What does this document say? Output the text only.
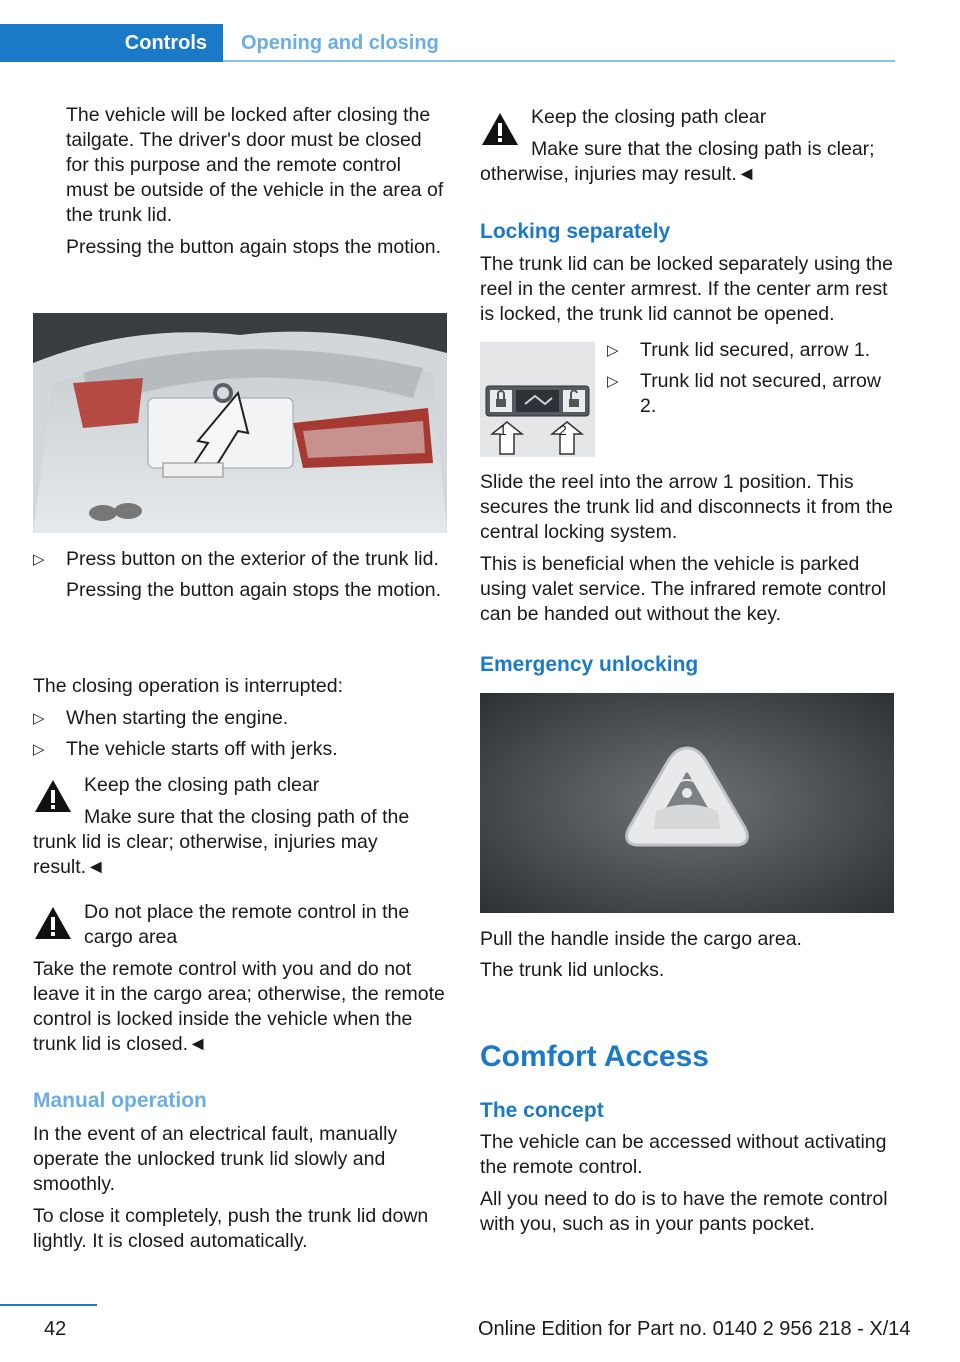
Controls	Opening and closing

The vehicle will be locked after closing the tailgate. The driver's door must be closed for this purpose and the remote control must be outside of the vehicle in the area of the trunk lid.

Pressing the button again stops the motion.

▷	Press button on the exterior of the trunk lid.

Pressing the button again stops the motion.

The closing operation is interrupted:

▷	When starting the engine.

▷	The vehicle starts off with jerks.

Keep the closing path clear

Make sure that the closing path of the trunk lid is clear; otherwise, injuries may result.◄

Do not place the remote control in the cargo area

Take the remote control with you and do not leave it in the cargo area; otherwise, the remote control is locked inside the vehicle when the trunk lid is closed.◄

Manual operation

In the event of an electrical fault, manually operate the unlocked trunk lid slowly and smoothly.

To close it completely, push the trunk lid down lightly. It is closed automatically.

Keep the closing path clear

Make sure that the closing path is clear; otherwise, injuries may result.◄

Locking separately

The trunk lid can be locked separately using the reel in the center armrest. If the center arm rest is locked, the trunk lid cannot be opened.

1	2
▷	Trunk lid secured, arrow 1.

▷	Trunk lid not secured, arrow 2.

Slide the reel into the arrow 1 position. This secures the trunk lid and disconnects it from the central locking system.

This is beneficial when the vehicle is parked using valet service. The infrared remote control can be handed out without the key.

Emergency unlocking

Pull the handle inside the cargo area.

The trunk lid unlocks.

Comfort Access

The concept

The vehicle can be accessed without activating the remote control.

All you need to do is to have the remote control with you, such as in your pants pocket.

42	Online Edition for Part no. 0140 2 956 218 - X/14
